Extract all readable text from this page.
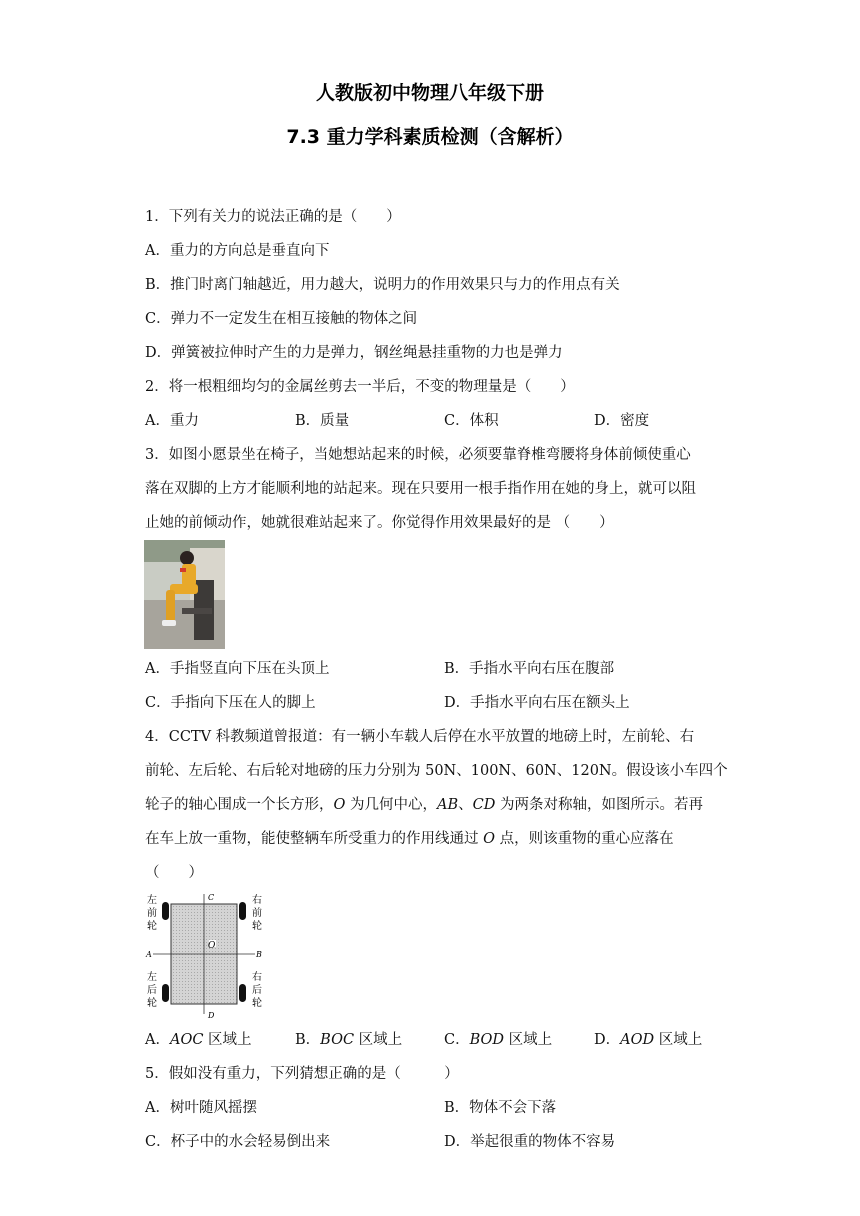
人教版初中物理八年级下册
7.3 重力学科素质检测（含解析）
1．下列有关力的说法正确的是（　　）
A．重力的方向总是垂直向下
B．推门时离门轴越近，用力越大，说明力的作用效果只与力的作用点有关
C．弹力不一定发生在相互接触的物体之间
D．弹簧被拉伸时产生的力是弹力，钢丝绳悬挂重物的力也是弹力
2．将一根粗细均匀的金属丝剪去一半后，不变的物理量是（　　）
A．重力	B．质量	C．体积	D．密度
3．如图小愿景坐在椅子，当她想站起来的时候，必须要靠脊椎弯腰将身体前倾使重心
落在双脚的上方才能顺利地的站起来。现在只要用一根手指作用在她的身上，就可以阻
止她的前倾动作，她就很难站起来了。你觉得作用效果最好的是 （　　）
A．手指竖直向下压在头顶上	B．手指水平向右压在腹部
C．手指向下压在人的脚上	D．手指水平向右压在额头上
4．CCTV 科教频道曾报道：有一辆小车载人后停在水平放置的地磅上时，左前轮、右
前轮、左后轮、右后轮对地磅的压力分别为 50N、100N、60N、120N。假设该小车四个
轮子的轴心围成一个长方形，O 为几何中心，AB、CD 为两条对称轴，如图所示。若再
在车上放一重物，能使整辆车所受重力的作用线通过 O 点，则该重物的重心应落在
（　　）
左
前
轮
右
前
轮
左
后
轮
右
后
轮
A	B
C
D
O
A．AOC 区域上	B．BOC 区域上	C．BOD 区域上	D．AOD 区域上
5．假如没有重力，下列猜想正确的是（　　　）
A．树叶随风摇摆	B．物体不会下落
C．杯子中的水会轻易倒出来	D．举起很重的物体不容易
